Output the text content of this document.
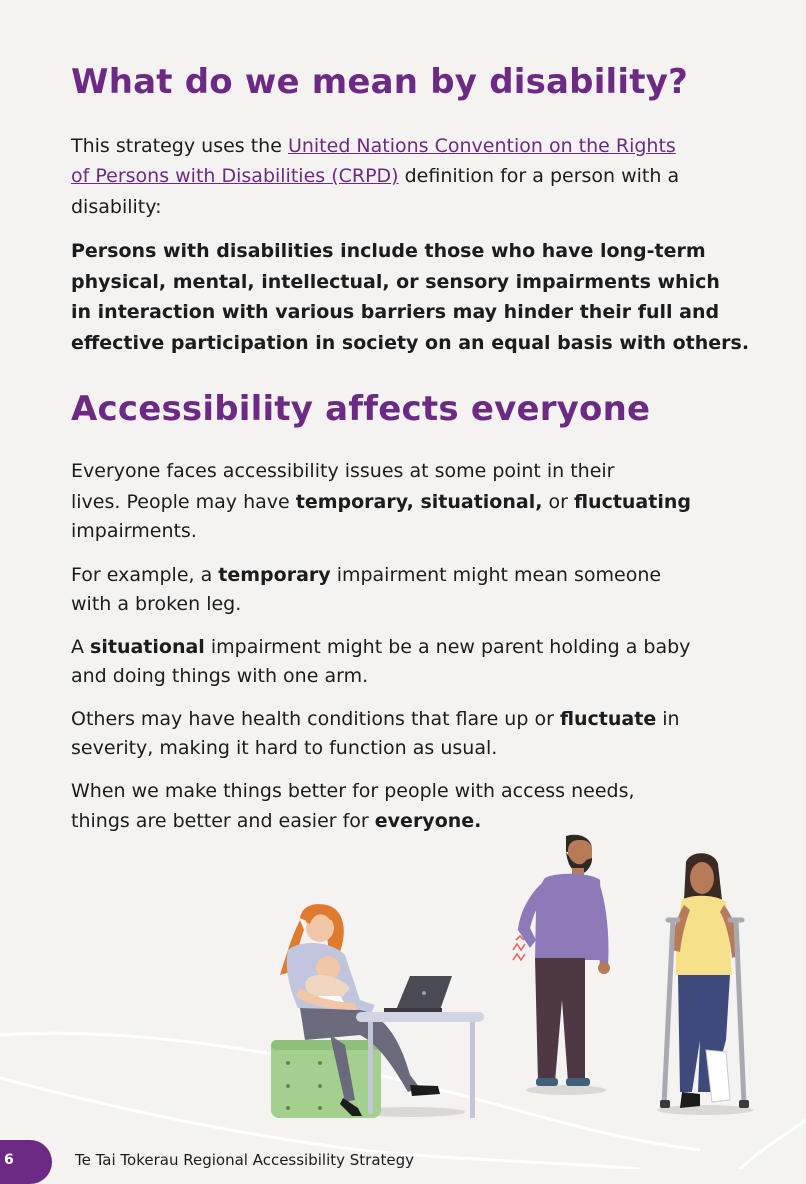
What do we mean by disability?

This strategy uses the United Nations Convention on the Rights

of Persons with Disabilities (CRPD) definition for a person with a

disability:

Persons with disabilities include those who have long-term

physical, mental, intellectual, or sensory impairments which

in interaction with various barriers may hinder their full and

effective participation in society on an equal basis with others.

Accessibility affects everyone

Everyone faces accessibility issues at some point in their

lives. People may have temporary, situational, or fluctuating

impairments.

For example, a temporary impairment might mean someone

with a broken leg.

A situational impairment might be a new parent holding a baby

and doing things with one arm.

Others may have health conditions that flare up or fluctuate in

severity, making it hard to function as usual.

When we make things better for people with access needs,

things are better and easier for everyone.

6	Te Tai Tokerau Regional Accessibility Strategy
